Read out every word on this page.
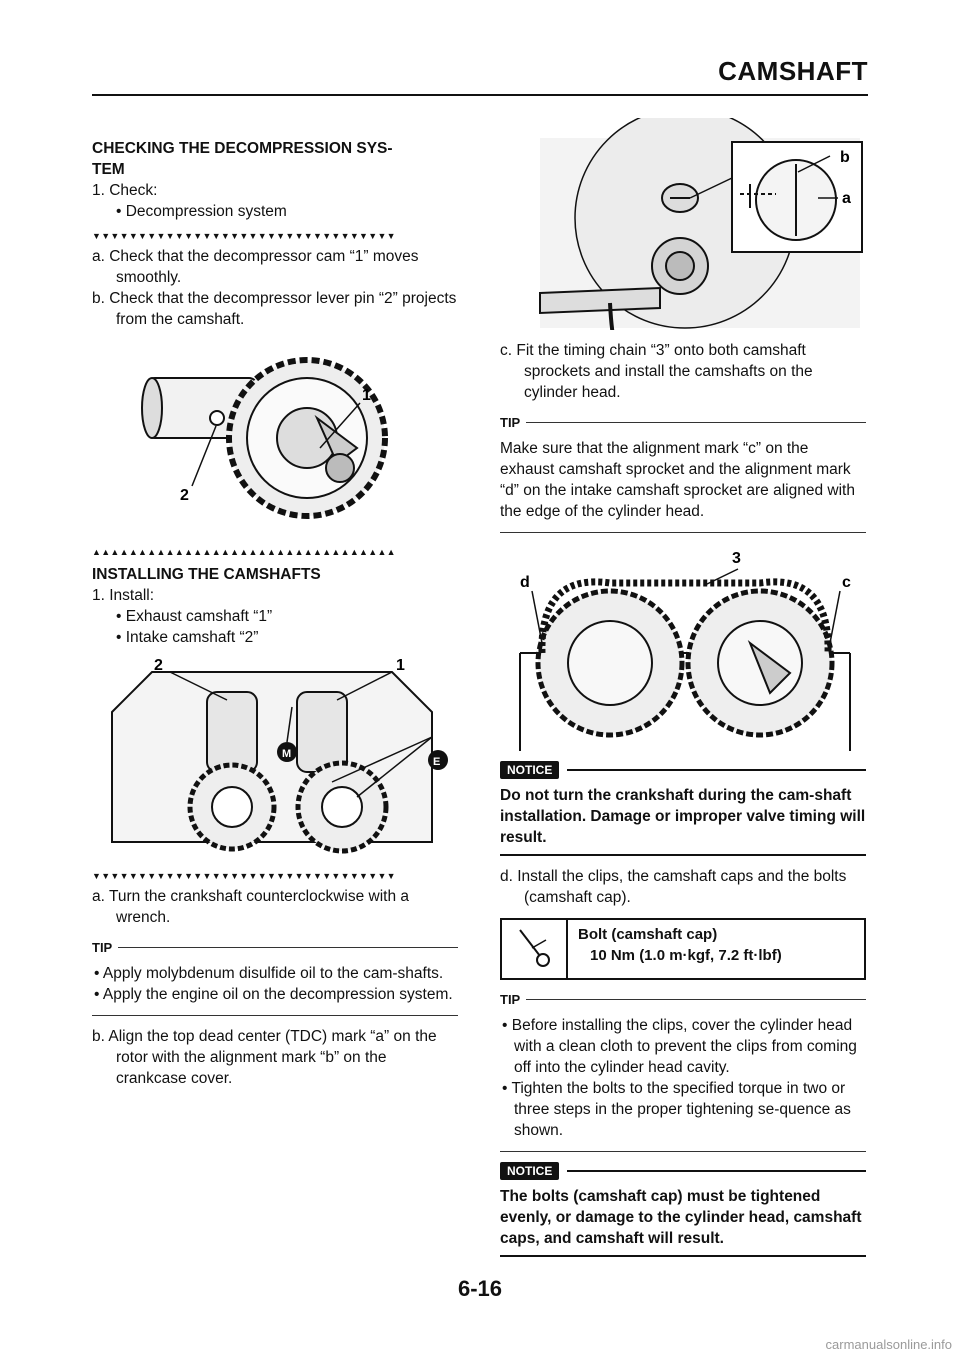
CAMSHAFT
CHECKING THE DECOMPRESSION SYS-
TEM
1. Check:
• Decompression system
▼▼▼▼▼▼▼▼▼▼▼▼▼▼▼▼▼▼▼▼▼▼▼▼▼▼▼▼▼▼▼▼▼
a. Check that the decompressor cam “1” moves smoothly.
b. Check that the decompressor lever pin “2” projects from the camshaft.
1
2
▲▲▲▲▲▲▲▲▲▲▲▲▲▲▲▲▲▲▲▲▲▲▲▲▲▲▲▲▲▲▲▲▲
INSTALLING THE CAMSHAFTS
1. Install:
• Exhaust camshaft “1”
• Intake camshaft “2”
M
E
2	1
▼▼▼▼▼▼▼▼▼▼▼▼▼▼▼▼▼▼▼▼▼▼▼▼▼▼▼▼▼▼▼▼▼
a. Turn the crankshaft counterclockwise with a wrench.
TIP
• Apply molybdenum disulfide oil to the cam-shafts.
• Apply the engine oil on the decompression system.
b. Align the top dead center (TDC) mark “a” on the rotor with the alignment mark “b” on the crankcase cover.
b
a
c. Fit the timing chain “3” onto both camshaft sprockets and install the camshafts on the cylinder head.
TIP
Make sure that the alignment mark “c” on the exhaust camshaft sprocket and the alignment mark “d” on the intake camshaft sprocket are aligned with the edge of the cylinder head.
3
c
d
NOTICE
Do not turn the crankshaft during the cam-shaft installation. Damage or improper valve timing will result.
d. Install the clips, the camshaft caps and the bolts (camshaft cap).
Bolt (camshaft cap)
10 Nm (1.0 m·kgf, 7.2 ft·lbf)
TIP
• Before installing the clips, cover the cylinder head with a clean cloth to prevent the clips from coming off into the cylinder head cavity.
• Tighten the bolts to the specified torque in two or three steps in the proper tightening se-quence as shown.
NOTICE
The bolts (camshaft cap) must be tightened evenly, or damage to the cylinder head, camshaft caps, and camshaft will result.
6-16
carmanualsonline.info
